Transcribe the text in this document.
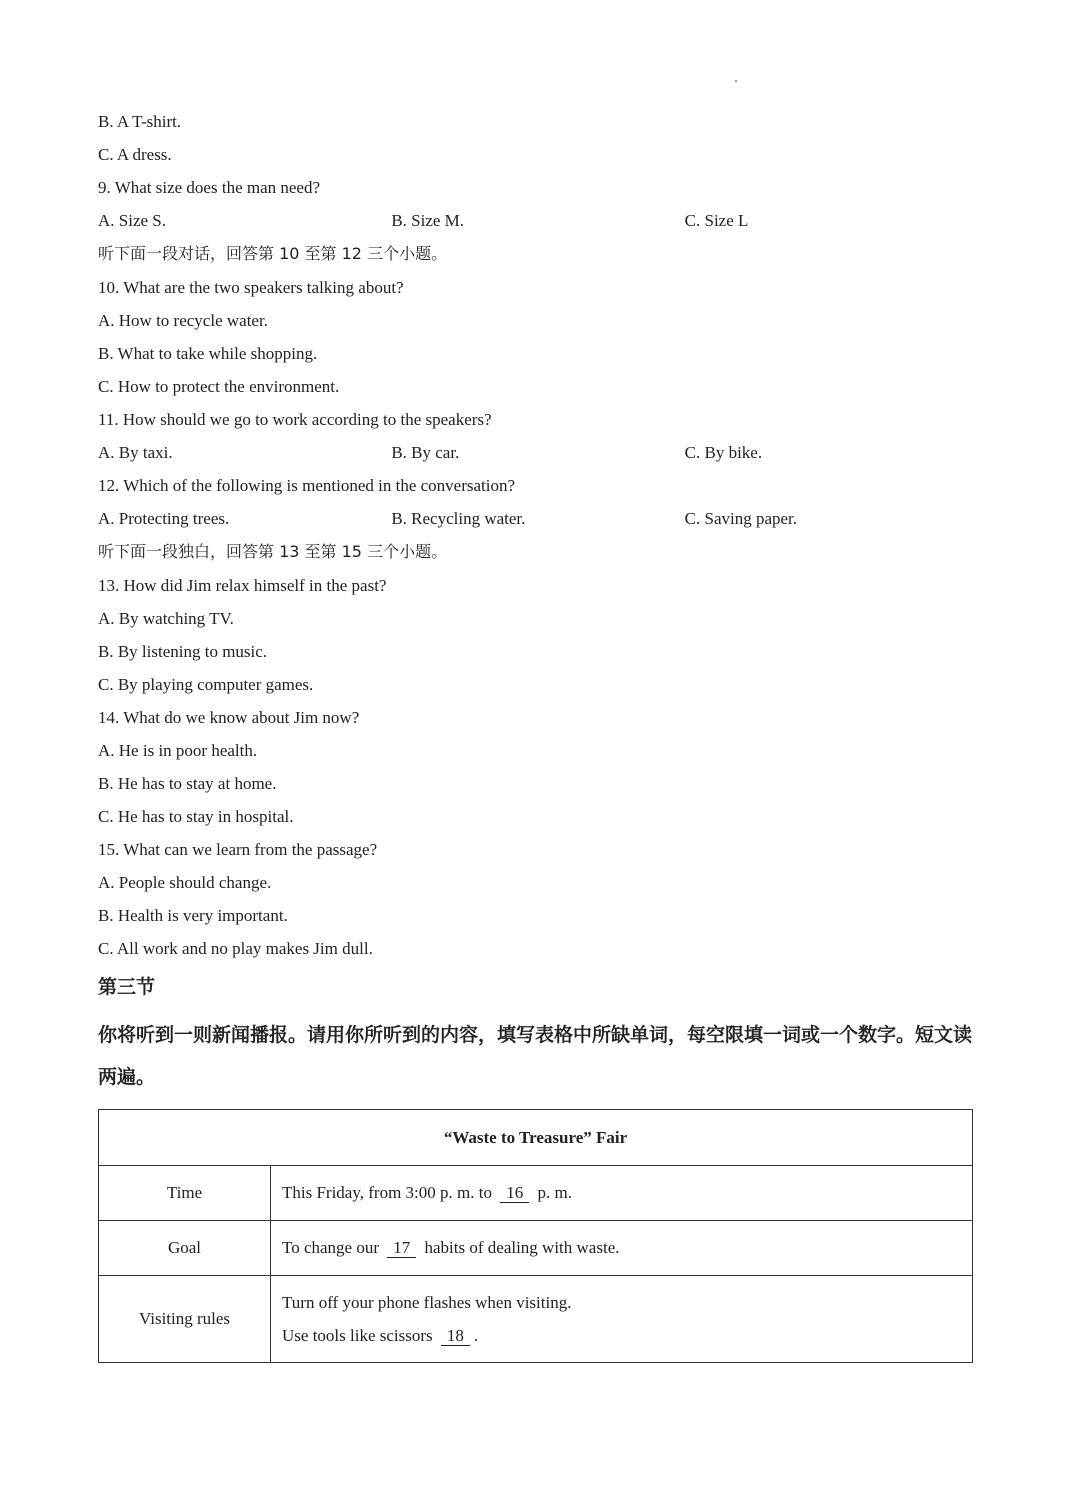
B. A T-shirt.
C. A dress.
9. What size does the man need?
A. Size S.	B. Size M.	C. Size L
听下面一段对话，回答第 10 至第 12 三个小题。
10. What are the two speakers talking about?
A. How to recycle water.
B. What to take while shopping.
C. How to protect the environment.
11. How should we go to work according to the speakers?
A. By taxi.	B. By car.	C. By bike.
12. Which of the following is mentioned in the conversation?
A. Protecting trees.	B. Recycling water.	C. Saving paper.
听下面一段独白，回答第 13 至第 15 三个小题。
13. How did Jim relax himself in the past?
A. By watching TV.
B. By listening to music.
C. By playing computer games.
14. What do we know about Jim now?
A. He is in poor health.
B. He has to stay at home.
C. He has to stay in hospital.
15. What can we learn from the passage?
A. People should change.
B. Health is very important.
C. All work and no play makes Jim dull.
第三节
你将听到一则新闻播报。请用你所听到的内容，填写表格中所缺单词，每空限填一词或一个数字。短文读两遍。
“Waste to Treasure” Fair	
Time	This Friday, from 3:00 p. m. to 16 p. m.
Goal	To change our 17 habits of dealing with waste.
Visiting rules	Turn off your phone flashes when visiting.
Use tools like scissors 18 .
